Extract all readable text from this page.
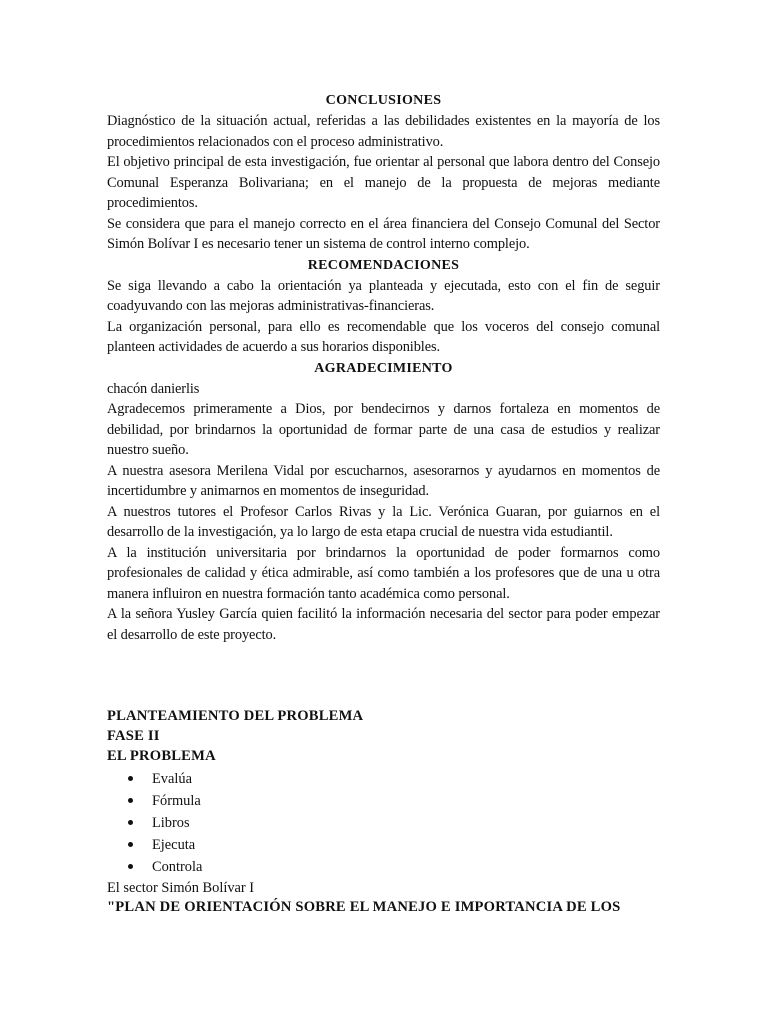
CONCLUSIONES

Diagnóstico de la situación actual, referidas a las debilidades existentes en la mayoría de los procedimientos relacionados con el proceso administrativo.

El objetivo principal de esta investigación, fue orientar al personal que labora dentro del Consejo Comunal Esperanza Bolivariana; en el manejo de la propuesta de mejoras mediante procedimientos.

Se considera que para el manejo correcto en el área financiera del Consejo Comunal del Sector Simón Bolívar I es necesario tener un sistema de control interno complejo.

RECOMENDACIONES

Se siga llevando a cabo la orientación ya planteada y ejecutada, esto con el fin de seguir coadyuvando con las mejoras administrativas-financieras.

La organización personal, para ello es recomendable que los voceros del consejo comunal planteen actividades de acuerdo a sus horarios disponibles.

AGRADECIMIENTO

chacón danierlis

Agradecemos primeramente a Dios, por bendecirnos y darnos fortaleza en momentos de debilidad, por brindarnos la oportunidad de formar parte de una casa de estudios y realizar nuestro sueño.

A nuestra asesora Merilena Vidal por escucharnos, asesorarnos y ayudarnos en momentos de incertidumbre y animarnos en momentos de inseguridad.

A nuestros tutores el Profesor Carlos Rivas y la Lic. Verónica Guaran, por guiarnos en el desarrollo de la investigación, ya lo largo de esta etapa crucial de nuestra vida estudiantil.

A la institución universitaria por brindarnos la oportunidad de poder formarnos como profesionales de calidad y ética admirable, así como también a los profesores que de una u otra manera influiron en nuestra formación tanto académica como personal.

A la señora Yusley García quien facilitó la información necesaria del sector para poder empezar el desarrollo de este proyecto.

PLANTEAMIENTO DEL PROBLEMA

FASE II

EL PROBLEMA

Evalúa
Fórmula
Libros
Ejecuta
Controla

El sector Simón Bolívar I

"PLAN DE ORIENTACIÓN SOBRE EL MANEJO E IMPORTANCIA DE LOS
